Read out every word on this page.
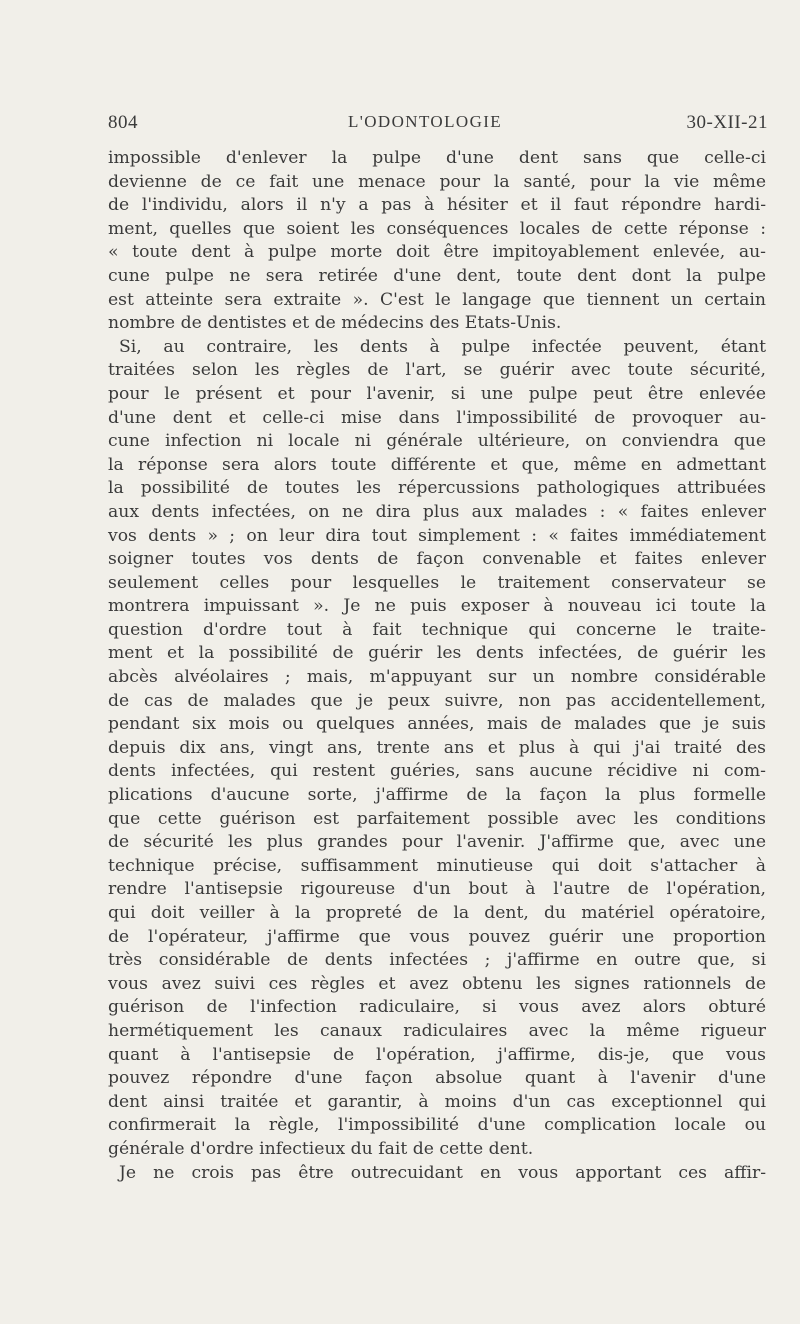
804	L'ODONTOLOGIE	30-XII-21
impossible d'enlever la pulpe d'une dent sans que celle-ci
devienne de ce fait une menace pour la santé, pour la vie même
de l'individu, alors il n'y a pas à hésiter et il faut répondre hardi-
ment, quelles que soient les conséquences locales de cette réponse :
« toute dent à pulpe morte doit être impitoyablement enlevée, au-
cune pulpe ne sera retirée d'une dent, toute dent dont la pulpe
est atteinte sera extraite ». C'est le langage que tiennent un certain
nombre de dentistes et de médecins des Etats-Unis.
Si, au contraire, les dents à pulpe infectée peuvent, étant
traitées selon les règles de l'art, se guérir avec toute sécurité,
pour le présent et pour l'avenir, si une pulpe peut être enlevée
d'une dent et celle-ci mise dans l'impossibilité de provoquer au-
cune infection ni locale ni générale ultérieure, on conviendra que
la réponse sera alors toute différente et que, même en admettant
la possibilité de toutes les répercussions pathologiques attribuées
aux dents infectées, on ne dira plus aux malades : « faites enlever
vos dents » ; on leur dira tout simplement : « faites immédiatement
soigner toutes vos dents de façon convenable et faites enlever
seulement celles pour lesquelles le traitement conservateur se
montrera impuissant ». Je ne puis exposer à nouveau ici toute la
question d'ordre tout à fait technique qui concerne le traite-
ment et la possibilité de guérir les dents infectées, de guérir les
abcès alvéolaires ; mais, m'appuyant sur un nombre considérable
de cas de malades que je peux suivre, non pas accidentellement,
pendant six mois ou quelques années, mais de malades que je suis
depuis dix ans, vingt ans, trente ans et plus à qui j'ai traité des
dents infectées, qui restent guéries, sans aucune récidive ni com-
plications d'aucune sorte, j'affirme de la façon la plus formelle
que cette guérison est parfaitement possible avec les conditions
de sécurité les plus grandes pour l'avenir. J'affirme que, avec une
technique précise, suffisamment minutieuse qui doit s'attacher à
rendre l'antisepsie rigoureuse d'un bout à l'autre de l'opération,
qui doit veiller à la propreté de la dent, du matériel opératoire,
de l'opérateur, j'affirme que vous pouvez guérir une proportion
très considérable de dents infectées ; j'affirme en outre que, si
vous avez suivi ces règles et avez obtenu les signes rationnels de
guérison de l'infection radiculaire, si vous avez alors obturé
hermétiquement les canaux radiculaires avec la même rigueur
quant à l'antisepsie de l'opération, j'affirme, dis-je, que vous
pouvez répondre d'une façon absolue quant à l'avenir d'une
dent ainsi traitée et garantir, à moins d'un cas exceptionnel qui
confirmerait la règle, l'impossibilité d'une complication locale ou
générale d'ordre infectieux du fait de cette dent.
Je ne crois pas être outrecuidant en vous apportant ces affir-
